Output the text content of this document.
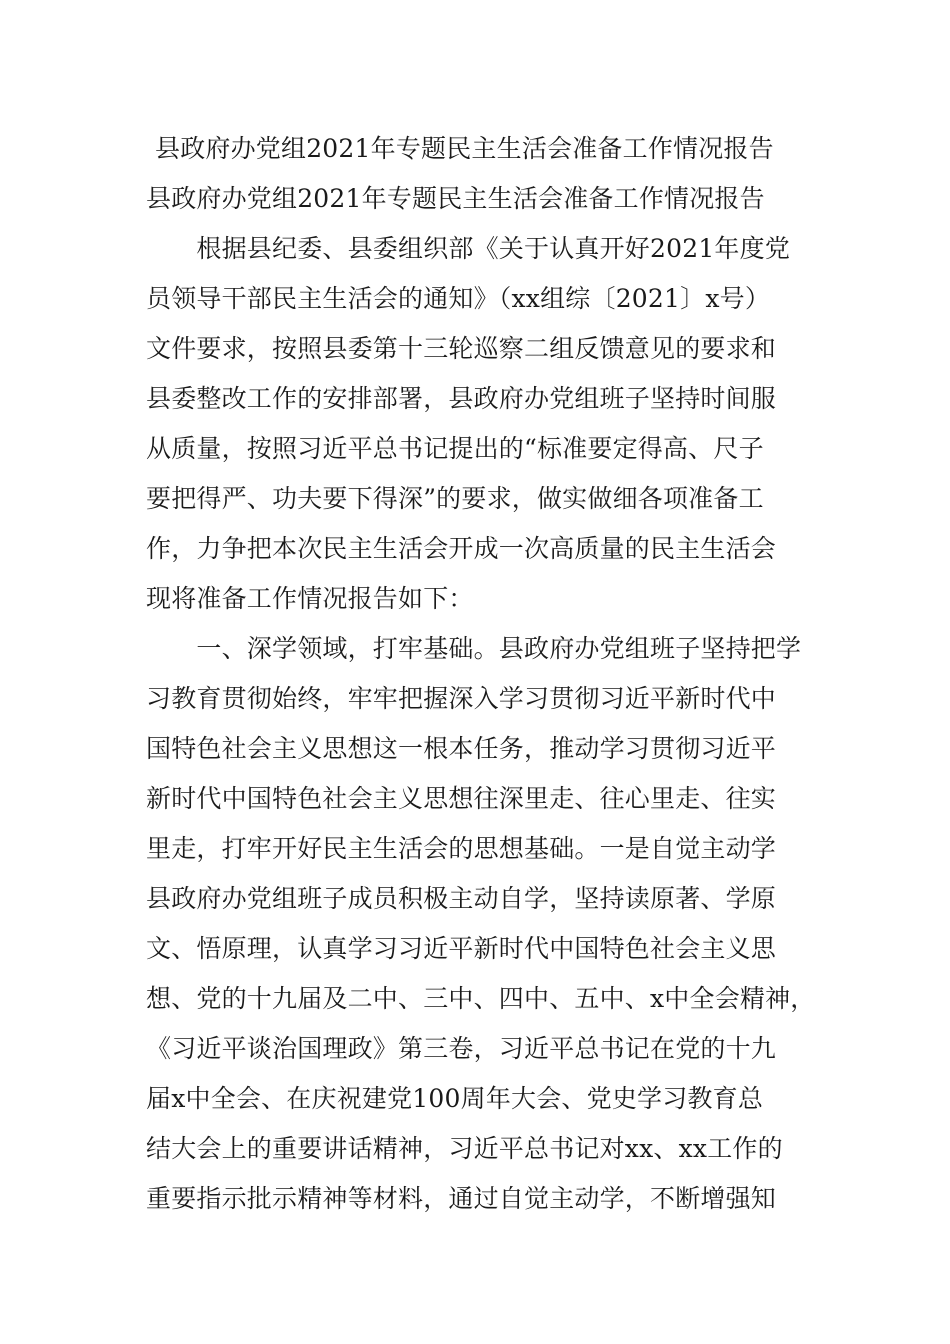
县政府办党组2021年专题民主生活会准备工作情况报告
县政府办党组2021年专题民主生活会准备工作情况报告
　　根据县纪委、县委组织部《关于认真开好2021年度党
员领导干部民主生活会的通知》（xx组综〔2021〕x号）
文件要求，按照县委第十三轮巡察二组反馈意见的要求和
县委整改工作的安排部署，县政府办党组班子坚持时间服
从质量，按照习近平总书记提出的“标准要定得高、尺子
要把得严、功夫要下得深”的要求，做实做细各项准备工
作，力争把本次民主生活会开成一次高质量的民主生活会
现将准备工作情况报告如下：
　　一、深学领域，打牢基础。县政府办党组班子坚持把学
习教育贯彻始终，牢牢把握深入学习贯彻习近平新时代中
国特色社会主义思想这一根本任务，推动学习贯彻习近平
新时代中国特色社会主义思想往深里走、往心里走、往实
里走，打牢开好民主生活会的思想基础。一是自觉主动学
县政府办党组班子成员积极主动自学，坚持读原著、学原
文、悟原理，认真学习习近平新时代中国特色社会主义思
想、党的十九届及二中、三中、四中、五中、x中全会精神，
《习近平谈治国理政》第三卷，习近平总书记在党的十九
届x中全会、在庆祝建党100周年大会、党史学习教育总
结大会上的重要讲话精神，习近平总书记对xx、xx工作的
重要指示批示精神等材料，通过自觉主动学，不断增强知
